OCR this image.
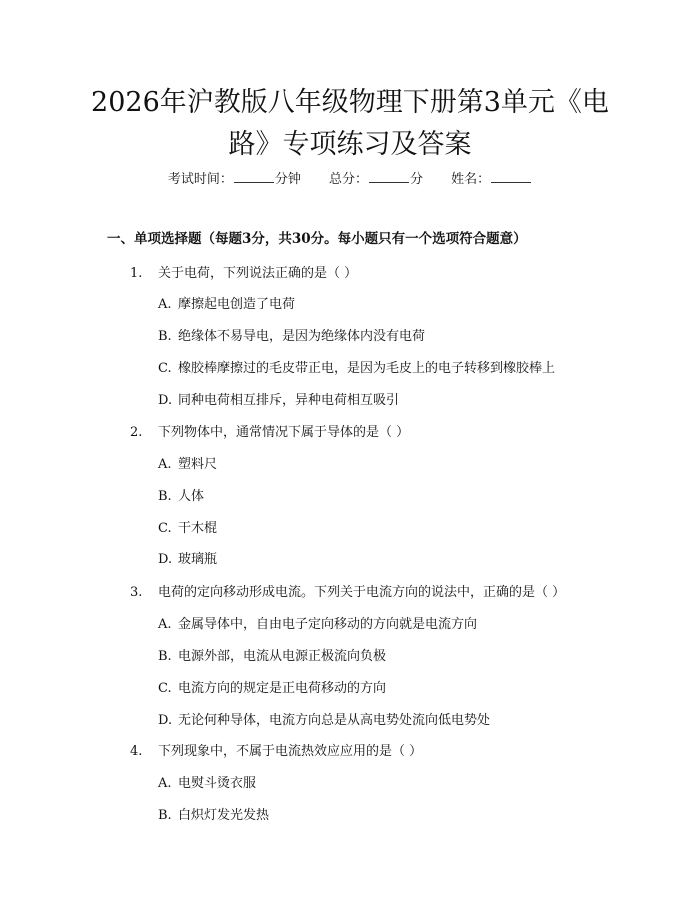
2026年沪教版八年级物理下册第3单元《电
路》专项练习及答案
考试时间：	分钟 总分：	分 姓名：
一、单项选择题（每题3分，共30分。每小题只有一个选项符合题意）
1. 关于电荷，下列说法正确的是（ ）
A. 摩擦起电创造了电荷
B. 绝缘体不易导电，是因为绝缘体内没有电荷
C. 橡胶棒摩擦过的毛皮带正电，是因为毛皮上的电子转移到橡胶棒上
D. 同种电荷相互排斥，异种电荷相互吸引
2. 下列物体中，通常情况下属于导体的是（ ）
A. 塑料尺
B. 人体
C. 干木棍
D. 玻璃瓶
3. 电荷的定向移动形成电流。下列关于电流方向的说法中，正确的是（ ）
A. 金属导体中，自由电子定向移动的方向就是电流方向
B. 电源外部，电流从电源正极流向负极
C. 电流方向的规定是正电荷移动的方向
D. 无论何种导体，电流方向总是从高电势处流向低电势处
4. 下列现象中，不属于电流热效应应用的是（ ）
A. 电熨斗烫衣服
B. 白炽灯发光发热
